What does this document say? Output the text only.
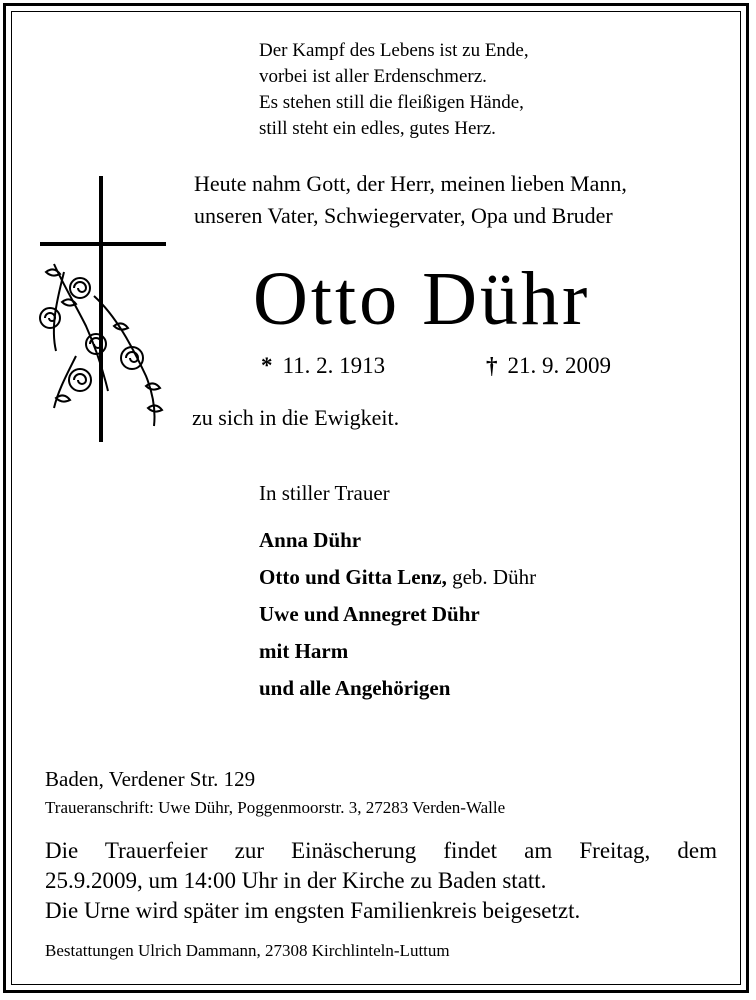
Der Kampf des Lebens ist zu Ende,
vorbei ist aller Erdenschmerz.
Es stehen still die fleißigen Hände,
still steht ein edles, gutes Herz.
Heute nahm Gott, der Herr, meinen lieben Mann,
unseren Vater, Schwiegervater, Opa und Bruder
Otto Dühr
* 11. 2. 1913	† 21. 9. 2009
zu sich in die Ewigkeit.
In stiller Trauer
Anna Dühr
Otto und Gitta Lenz, geb. Dühr
Uwe und Annegret Dühr
mit Harm
und alle Angehörigen
Baden, Verdener Str. 129
Traueranschrift: Uwe Dühr, Poggenmoorstr. 3, 27283 Verden-Walle
Die Trauerfeier zur Einäscherung findet am Freitag, dem
25.9.2009, um 14:00 Uhr in der Kirche zu Baden statt.
Die Urne wird später im engsten Familienkreis beigesetzt.
Bestattungen Ulrich Dammann, 27308 Kirchlinteln-Luttum
